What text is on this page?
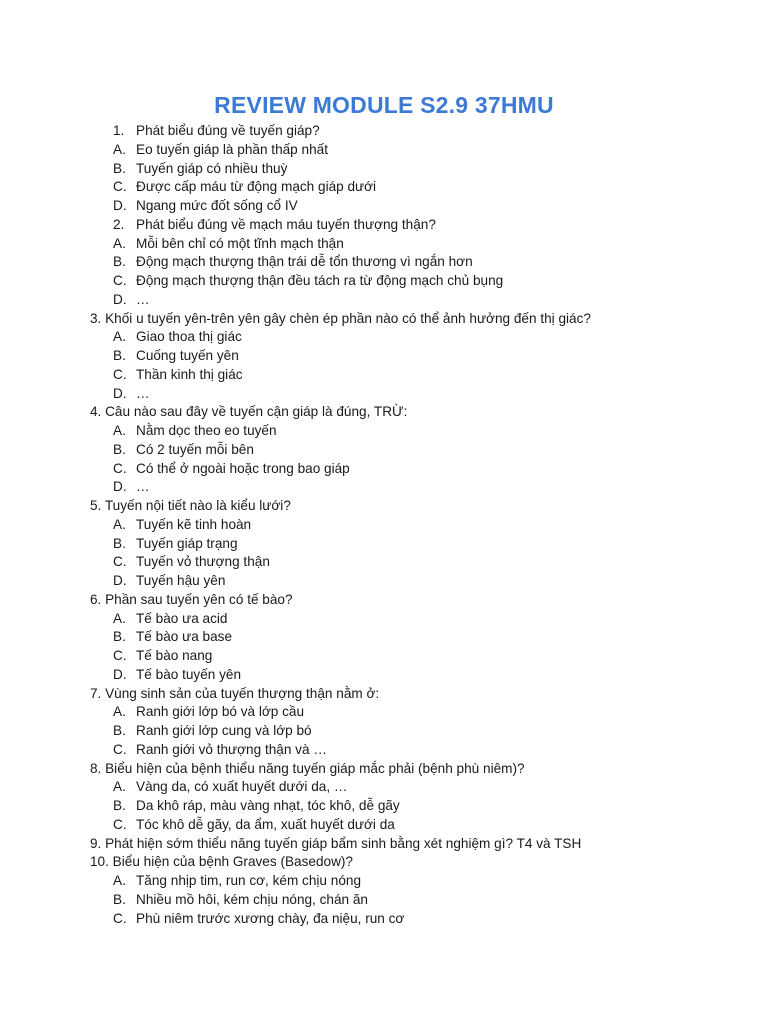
REVIEW MODULE S2.9 37HMU
1. Phát biểu đúng về tuyến giáp?
A. Eo tuyến giáp là phần thấp nhất
B. Tuyến giáp có nhiều thuỳ
C. Được cấp máu từ động mạch giáp dưới
D. Ngang mức đốt sống cổ IV
2. Phát biểu đúng về mạch máu tuyến thượng thận?
A. Mỗi bên chỉ có một tĩnh mạch thận
B. Động mạch thượng thận trái dễ tổn thương vì ngắn hơn
C. Động mạch thượng thận đều tách ra từ động mạch chủ bụng
D. …
3. Khối u tuyến yên-trên yên gây chèn ép phần nào có thể ảnh hưởng đến thị giác?
A. Giao thoa thị giác
B. Cuống tuyến yên
C. Thần kinh thị giác
D. …
4. Câu nào sau đây về tuyến cận giáp là đúng, TRỪ:
A. Nằm dọc theo eo tuyến
B. Có 2 tuyến mỗi bên
C. Có thể ở ngoài hoặc trong bao giáp
D. …
5. Tuyến nội tiết nào là kiểu lưới?
A. Tuyến kẽ tinh hoàn
B. Tuyến giáp trạng
C. Tuyến vỏ thượng thận
D. Tuyến hậu yên
6. Phần sau tuyến yên có tế bào?
A. Tế bào ưa acid
B. Tế bào ưa base
C. Tế bào nang
D. Tế bào tuyến yên
7. Vùng sinh sản của tuyến thượng thận nằm ở:
A. Ranh giới lớp bó và lớp cầu
B. Ranh giới lớp cung và lớp bó
C. Ranh giới vỏ thượng thận và …
8. Biểu hiện của bệnh thiểu năng tuyến giáp mắc phải (bệnh phù niêm)?
A. Vàng da, có xuất huyết dưới da, …
B. Da khô ráp, màu vàng nhạt, tóc khô, dễ gãy
C. Tóc khô dễ gãy, da ẩm, xuất huyết dưới da
9. Phát hiện sớm thiểu năng tuyến giáp bẩm sinh bằng xét nghiệm gì? T4 và TSH
10. Biểu hiện của bệnh Graves (Basedow)?
A. Tăng nhịp tim, run cơ, kém chịu nóng
B. Nhiều mồ hôi, kém chịu nóng, chán ăn
C. Phù niêm trước xương chày, đa niệu, run cơ
